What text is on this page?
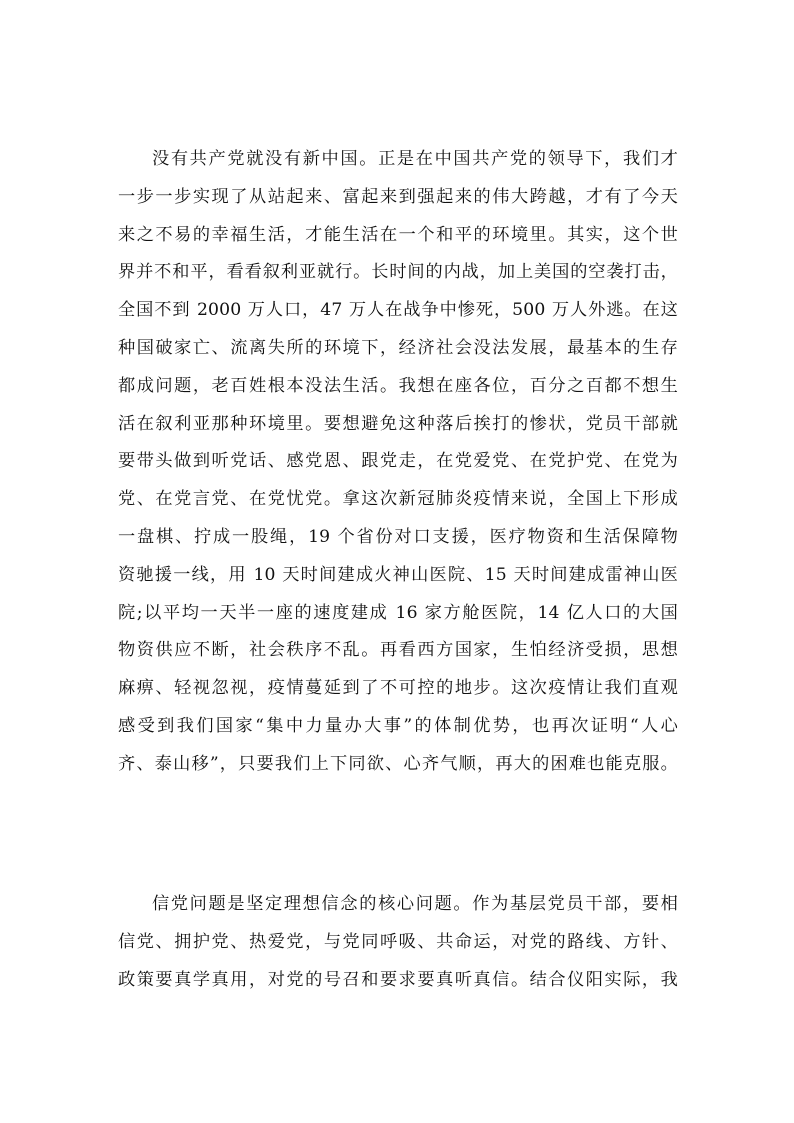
没有共产党就没有新中国。正是在中国共产党的领导下，我们才
一步一步实现了从站起来、富起来到强起来的伟大跨越，才有了今天
来之不易的幸福生活，才能生活在一个和平的环境里。其实，这个世
界并不和平，看看叙利亚就行。长时间的内战，加上美国的空袭打击，
全国不到 2000 万人口，47 万人在战争中惨死，500 万人外逃。在这
种国破家亡、流离失所的环境下，经济社会没法发展，最基本的生存
都成问题，老百姓根本没法生活。我想在座各位，百分之百都不想生
活在叙利亚那种环境里。要想避免这种落后挨打的惨状，党员干部就
要带头做到听党话、感党恩、跟党走，在党爱党、在党护党、在党为
党、在党言党、在党忧党。拿这次新冠肺炎疫情来说，全国上下形成
一盘棋、拧成一股绳，19 个省份对口支援，医疗物资和生活保障物
资驰援一线，用 10 天时间建成火神山医院、15 天时间建成雷神山医
院;以平均一天半一座的速度建成 16 家方舱医院，14 亿人口的大国
物资供应不断，社会秩序不乱。再看西方国家，生怕经济受损，思想
麻痹、轻视忽视，疫情蔓延到了不可控的地步。这次疫情让我们直观
感受到我们国家“集中力量办大事”的体制优势，也再次证明“人心
齐、泰山移”，只要我们上下同欲、心齐气顺，再大的困难也能克服。
信党问题是坚定理想信念的核心问题。作为基层党员干部，要相
信党、拥护党、热爱党，与党同呼吸、共命运，对党的路线、方针、
政策要真学真用，对党的号召和要求要真听真信。结合仪阳实际，我
